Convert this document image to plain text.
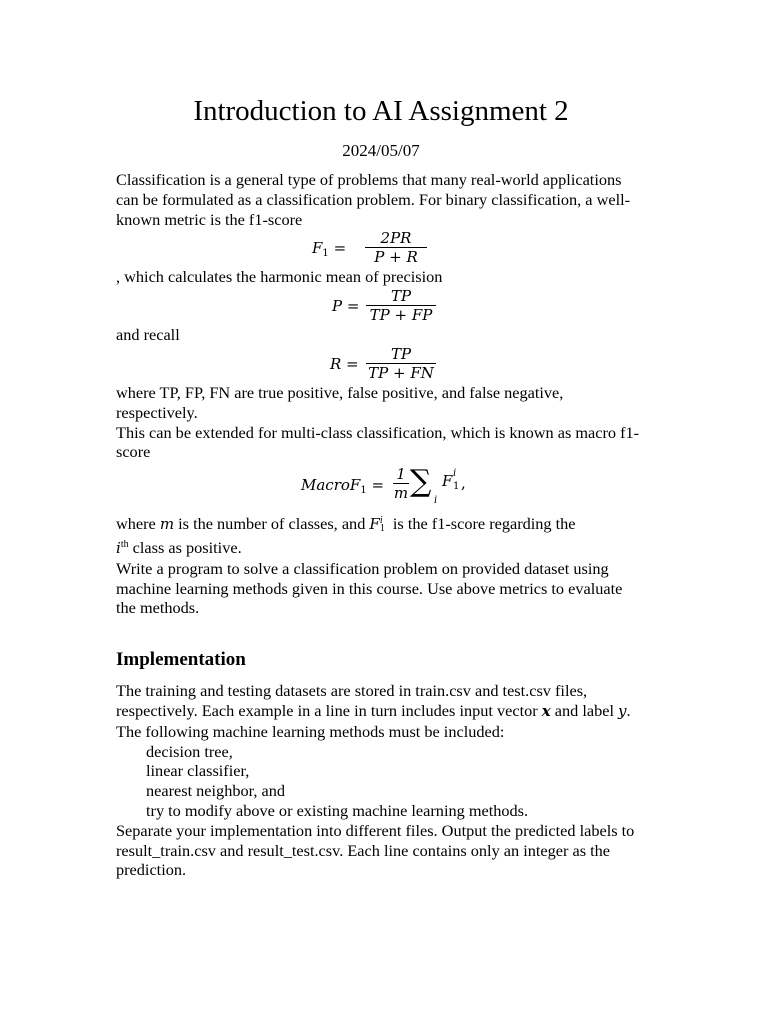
Introduction to AI Assignment 2
2024/05/07

Classification is a general type of problems that many real-world applications can be formulated as a classification problem. For binary classification, a well-known metric is the f1-score

$F_1$ =
2PR
P + R

, which calculates the harmonic mean of precision

P =
TP
TP + FP

and recall

R =
TP
TP + FN

where TP, FP, FN are true positive, false positive, and false negative, respectively.

This can be extended for multi-class classification, which is known as macro f1-score

MacroF$_1$ =
1
m ∑
i
F i
1 ,

where m is the number of classes, and F i
1 is the f1-score regarding the
$i^{th}$ class as positive.

Write a program to solve a classification problem on provided dataset using machine learning methods given in this course. Use above metrics to evaluate the methods.

Implementation

The training and testing datasets are stored in train.csv and test.csv files, respectively. Each example in a line in turn includes input vector x and label y.

The following machine learning methods must be included:

decision tree,

linear classifier,

nearest neighbor, and

try to modify above or existing machine learning methods.

Separate your implementation into different files. Output the predicted labels to result_train.csv and result_test.csv. Each line contains only an integer as the prediction.
